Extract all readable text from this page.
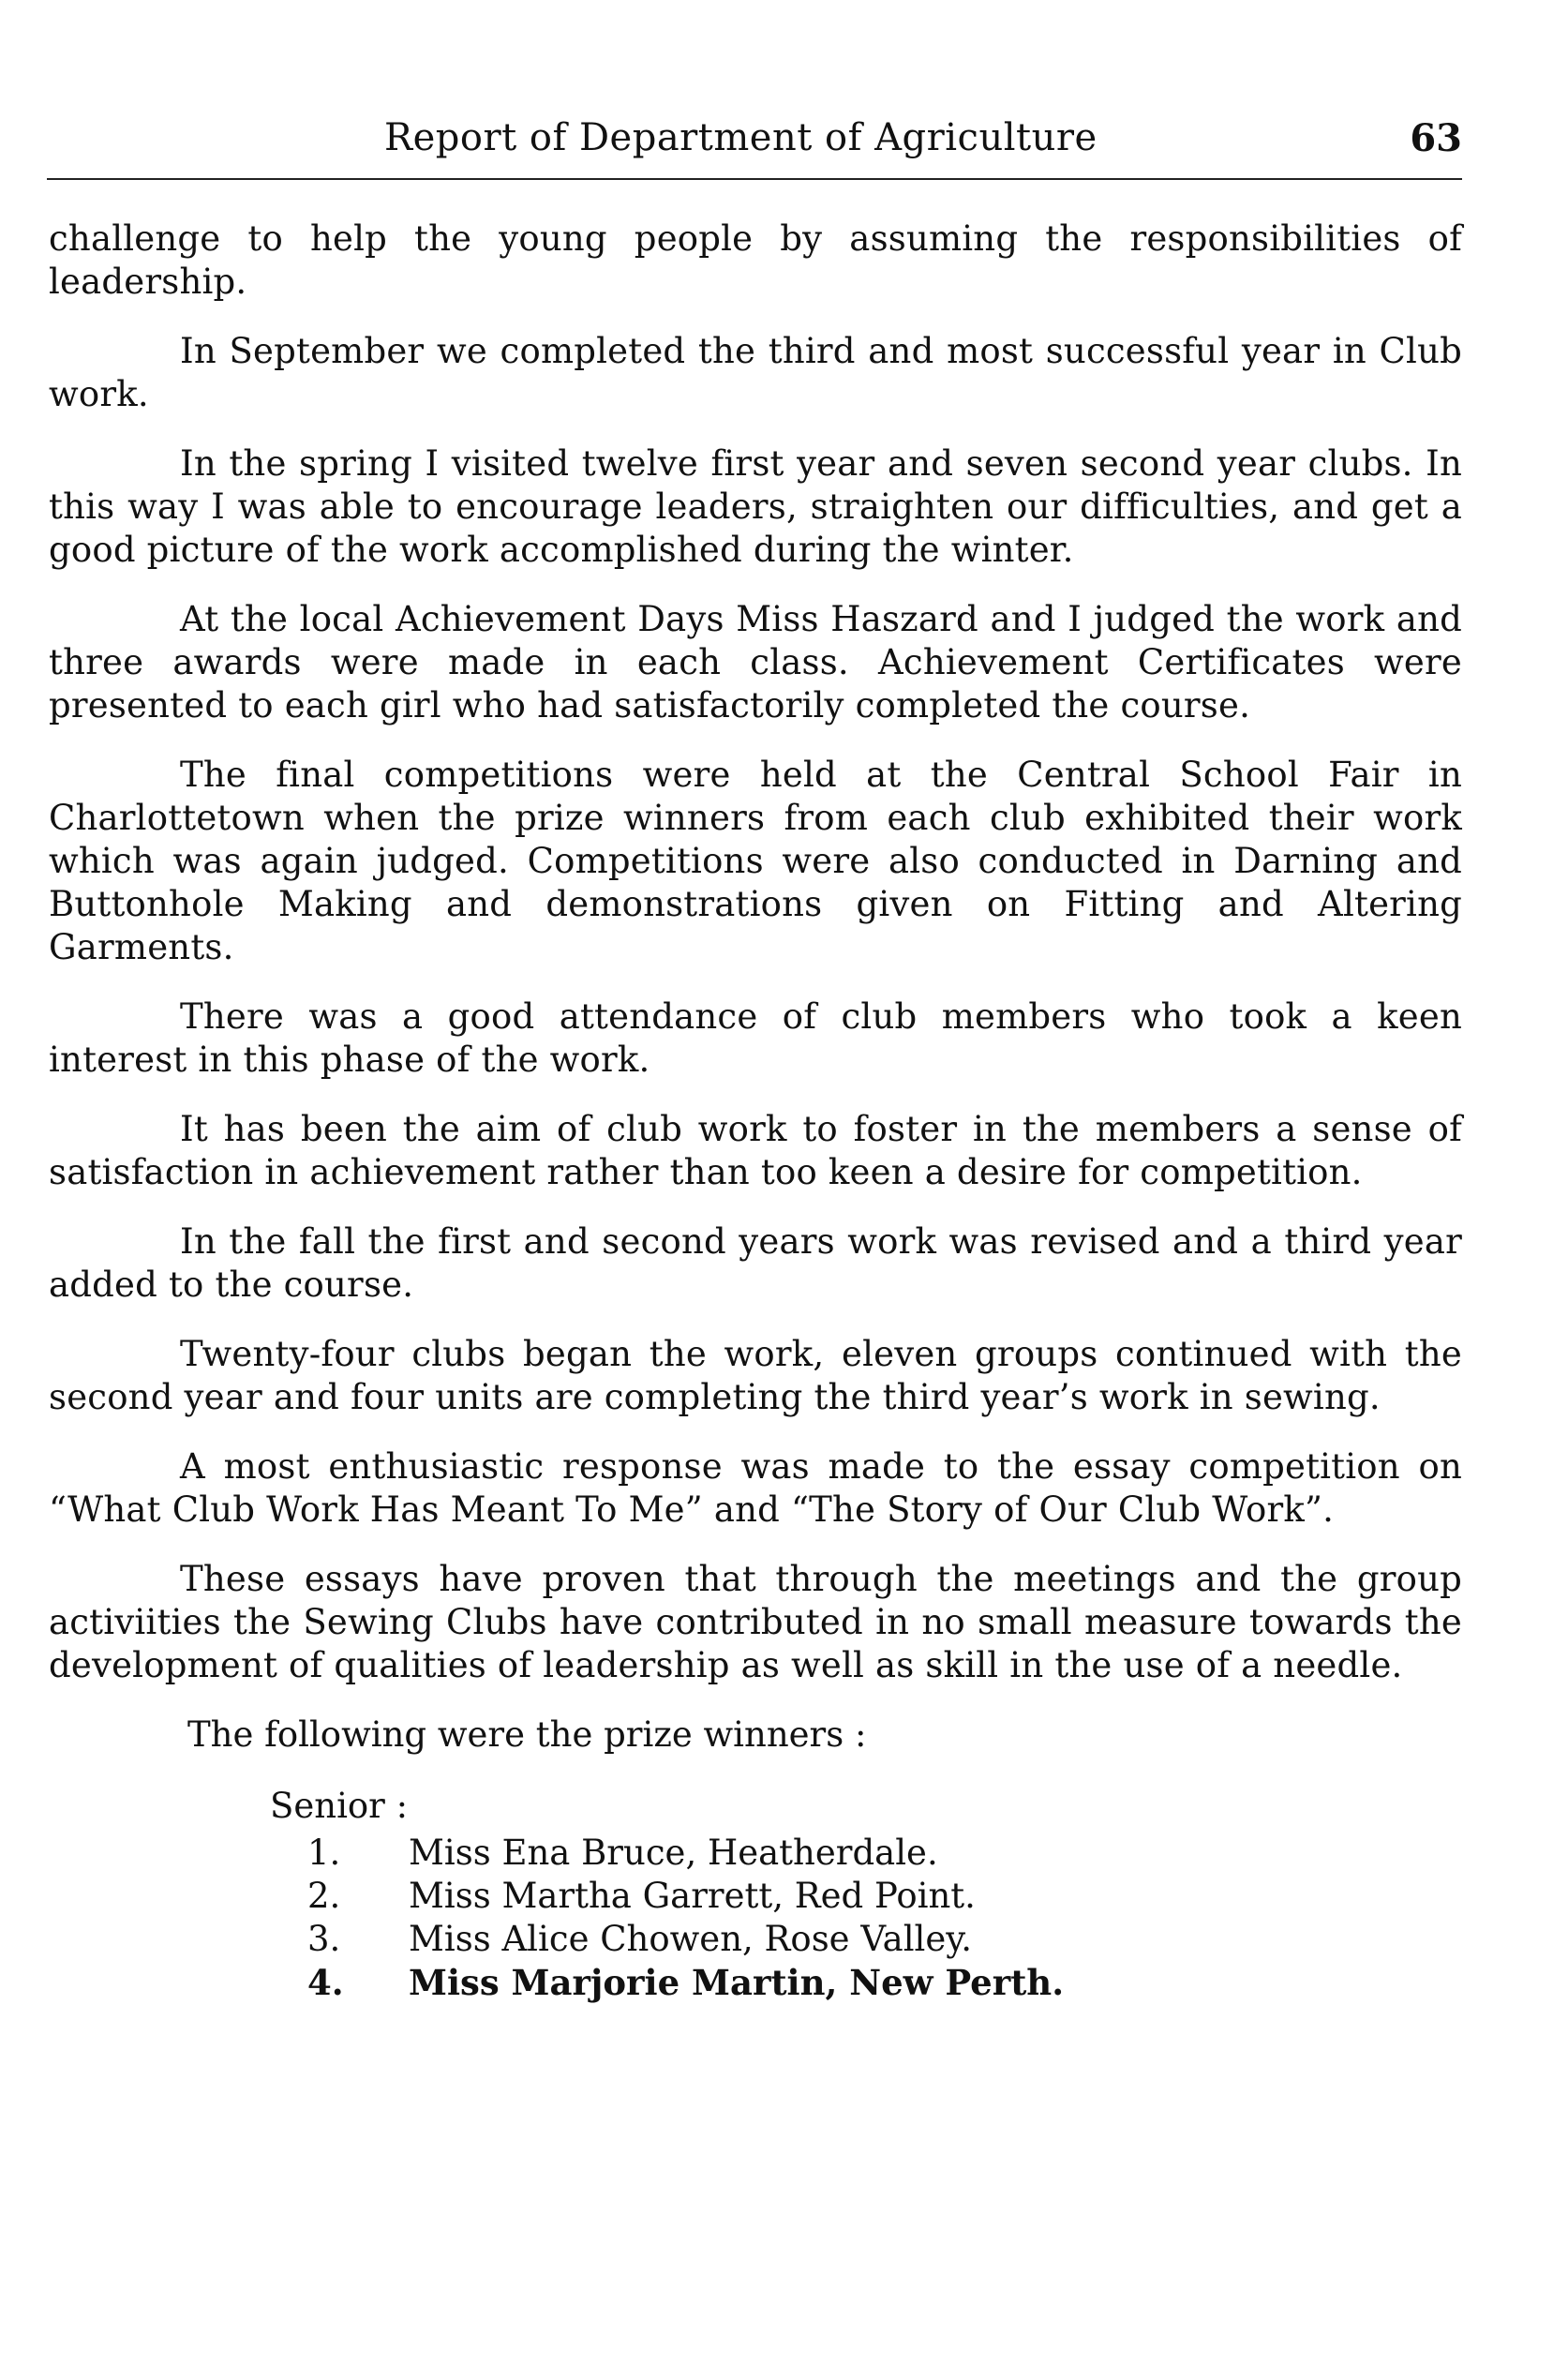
Report of Department of Agriculture	63

challenge to help the young people by assuming the responsibilities of leadership.

In September we completed the third and most successful year in Club work.

In the spring I visited twelve first year and seven second year clubs. In this way I was able to encourage leaders, straighten our difficulties, and get a good picture of the work accomplished during the winter.

At the local Achievement Days Miss Haszard and I judged the work and three awards were made in each class. Achievement Certificates were presented to each girl who had satisfactorily completed the course.

The final competitions were held at the Central School Fair in Charlottetown when the prize winners from each club exhibited their work which was again judged. Competitions were also conducted in Darning and Buttonhole Making and demonstrations given on Fitting and Altering Garments.

There was a good attendance of club members who took a keen interest in this phase of the work.

It has been the aim of club work to foster in the members a sense of satisfaction in achievement rather than too keen a desire for competition.

In the fall the first and second years work was revised and a third year added to the course.

Twenty-four clubs began the work, eleven groups continued with the second year and four units are completing the third year’s work in sewing.

A most enthusiastic response was made to the essay competition on “What Club Work Has Meant To Me” and “The Story of Our Club Work”.

These essays have proven that through the meetings and the group activiities the Sewing Clubs have contributed in no small measure towards the development of qualities of leadership as well as skill in the use of a needle.

The following were the prize winners :

Senior :

1. Miss Ena Bruce, Heatherdale.
2. Miss Martha Garrett, Red Point.
3. Miss Alice Chowen, Rose Valley.
4. Miss Marjorie Martin, New Perth.
